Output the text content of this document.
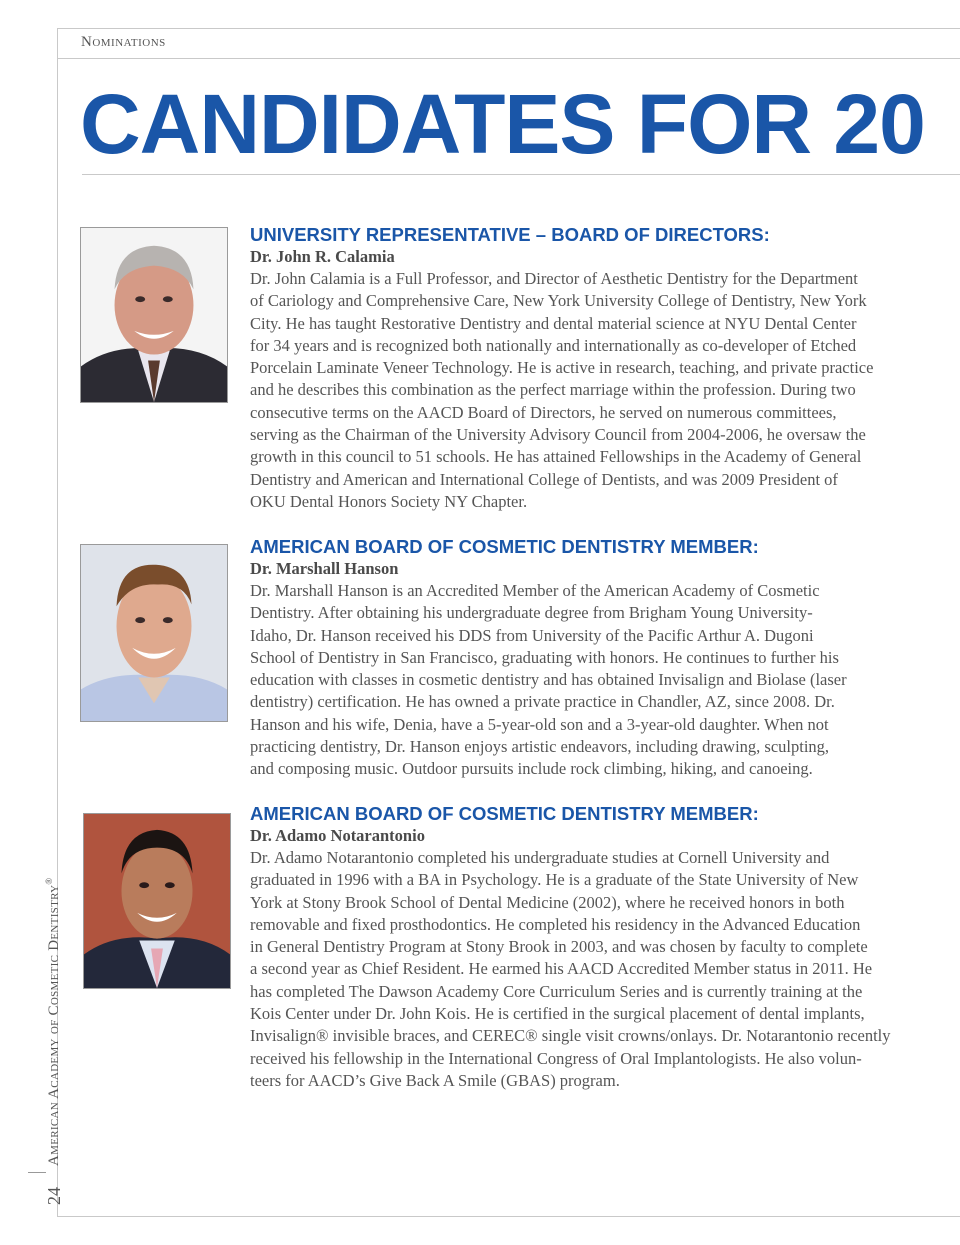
Nominations
CANDIDATES FOR 20
UNIVERSITY REPRESENTATIVE – BOARD OF DIRECTORS:
Dr. John R. Calamia
Dr. John Calamia is a Full Professor, and Director of Aesthetic Dentistry for the Department
of Cariology and Comprehensive Care, New York University College of Dentistry, New York
City. He has taught Restorative Dentistry and dental material science at NYU Dental Center
for 34 years and is recognized both nationally and internationally as co-developer of Etched
Porcelain Laminate Veneer Technology. He is active in research, teaching, and private practice
and he describes this combination as the perfect marriage within the profession. During two
consecutive terms on the AACD Board of Directors, he served on numerous committees,
serving as the Chairman of the University Advisory Council from 2004-2006, he oversaw the
growth in this council to 51 schools. He has attained Fellowships in the Academy of General
Dentistry and American and International College of Dentists, and was 2009 President of
OKU Dental Honors Society NY Chapter.
AMERICAN BOARD OF COSMETIC DENTISTRY MEMBER:
Dr. Marshall Hanson
Dr. Marshall Hanson is an Accredited Member of the American Academy of Cosmetic
Dentistry. After obtaining his undergraduate degree from Brigham Young University-
Idaho, Dr. Hanson received his DDS from University of the Pacific Arthur A. Dugoni
School of Dentistry in San Francisco, graduating with honors. He continues to further his
education with classes in cosmetic dentistry and has obtained Invisalign and Biolase (laser
dentistry) certification. He has owned a private practice in Chandler, AZ, since 2008. Dr.
Hanson and his wife, Denia, have a 5-year-old son and a 3-year-old daughter. When not
practicing dentistry, Dr. Hanson enjoys artistic endeavors, including drawing, sculpting,
and composing music. Outdoor pursuits include rock climbing, hiking, and canoeing.
AMERICAN BOARD OF COSMETIC DENTISTRY MEMBER:
Dr. Adamo Notarantonio
Dr. Adamo Notarantonio completed his undergraduate studies at Cornell University and
graduated in 1996 with a BA in Psychology. He is a graduate of the State University of New
York at Stony Brook School of Dental Medicine (2002), where he received honors in both
removable and fixed prosthodontics. He completed his residency in the Advanced Education
in General Dentistry Program at Stony Brook in 2003, and was chosen by faculty to complete
a second year as Chief Resident. He earmed his AACD Accredited Member status in 2011. He
has completed The Dawson Academy Core Curriculum Series and is currently training at the
Kois Center under Dr. John Kois. He is certified in the surgical placement of dental implants,
Invisalign® invisible braces, and CEREC® single visit crowns/onlays. Dr. Notarantonio recently
received his fellowship in the International Congress of Oral Implantologists. He also volun-
teers for AACD’s Give Back A Smile (GBAS) program.
American Academy of Cosmetic Dentistry®
24
